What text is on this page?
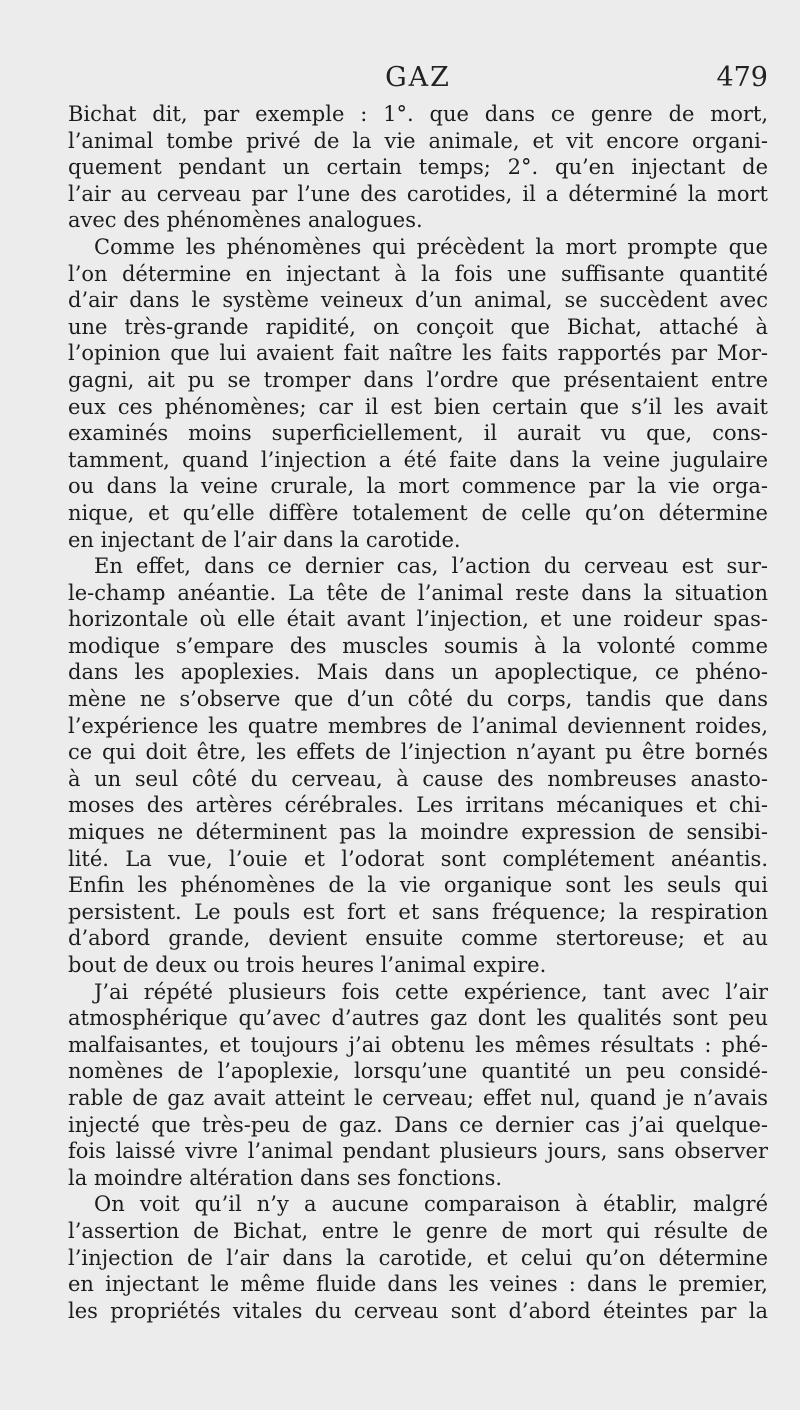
GAZ	479
Bichat dit, par exemple : 1°. que dans ce genre de mort,
l’animal tombe privé de la vie animale, et vit encore organi-
quement pendant un certain temps; 2°. qu’en injectant de
l’air au cerveau par l’une des carotides, il a déterminé la mort
avec des phénomènes analogues.
Comme les phénomènes qui précèdent la mort prompte que
l’on détermine en injectant à la fois une suffisante quantité
d’air dans le système veineux d’un animal, se succèdent avec
une très-grande rapidité, on conçoit que Bichat, attaché à
l’opinion que lui avaient fait naître les faits rapportés par Mor-
gagni, ait pu se tromper dans l’ordre que présentaient entre
eux ces phénomènes; car il est bien certain que s’il les avait
examinés moins superficiellement, il aurait vu que, cons-
tamment, quand l’injection a été faite dans la veine jugulaire
ou dans la veine crurale, la mort commence par la vie orga-
nique, et qu’elle diffère totalement de celle qu’on détermine
en injectant de l’air dans la carotide.
En effet, dans ce dernier cas, l’action du cerveau est sur-
le-champ anéantie. La tête de l’animal reste dans la situation
horizontale où elle était avant l’injection, et une roideur spas-
modique s’empare des muscles soumis à la volonté comme
dans les apoplexies. Mais dans un apoplectique, ce phéno-
mène ne s’observe que d’un côté du corps, tandis que dans
l’expérience les quatre membres de l’animal deviennent roides,
ce qui doit être, les effets de l’injection n’ayant pu être bornés
à un seul côté du cerveau, à cause des nombreuses anasto-
moses des artères cérébrales. Les irritans mécaniques et chi-
miques ne déterminent pas la moindre expression de sensibi-
lité. La vue, l’ouie et l’odorat sont complétement anéantis.
Enfin les phénomènes de la vie organique sont les seuls qui
persistent. Le pouls est fort et sans fréquence; la respiration
d’abord grande, devient ensuite comme stertoreuse; et au
bout de deux ou trois heures l’animal expire.
J’ai répété plusieurs fois cette expérience, tant avec l’air
atmosphérique qu’avec d’autres gaz dont les qualités sont peu
malfaisantes, et toujours j’ai obtenu les mêmes résultats : phé-
nomènes de l’apoplexie, lorsqu’une quantité un peu considé-
rable de gaz avait atteint le cerveau; effet nul, quand je n’avais
injecté que très-peu de gaz. Dans ce dernier cas j’ai quelque-
fois laissé vivre l’animal pendant plusieurs jours, sans observer
la moindre altération dans ses fonctions.
On voit qu’il n’y a aucune comparaison à établir, malgré
l’assertion de Bichat, entre le genre de mort qui résulte de
l’injection de l’air dans la carotide, et celui qu’on détermine
en injectant le même fluide dans les veines : dans le premier,
les propriétés vitales du cerveau sont d’abord éteintes par la
